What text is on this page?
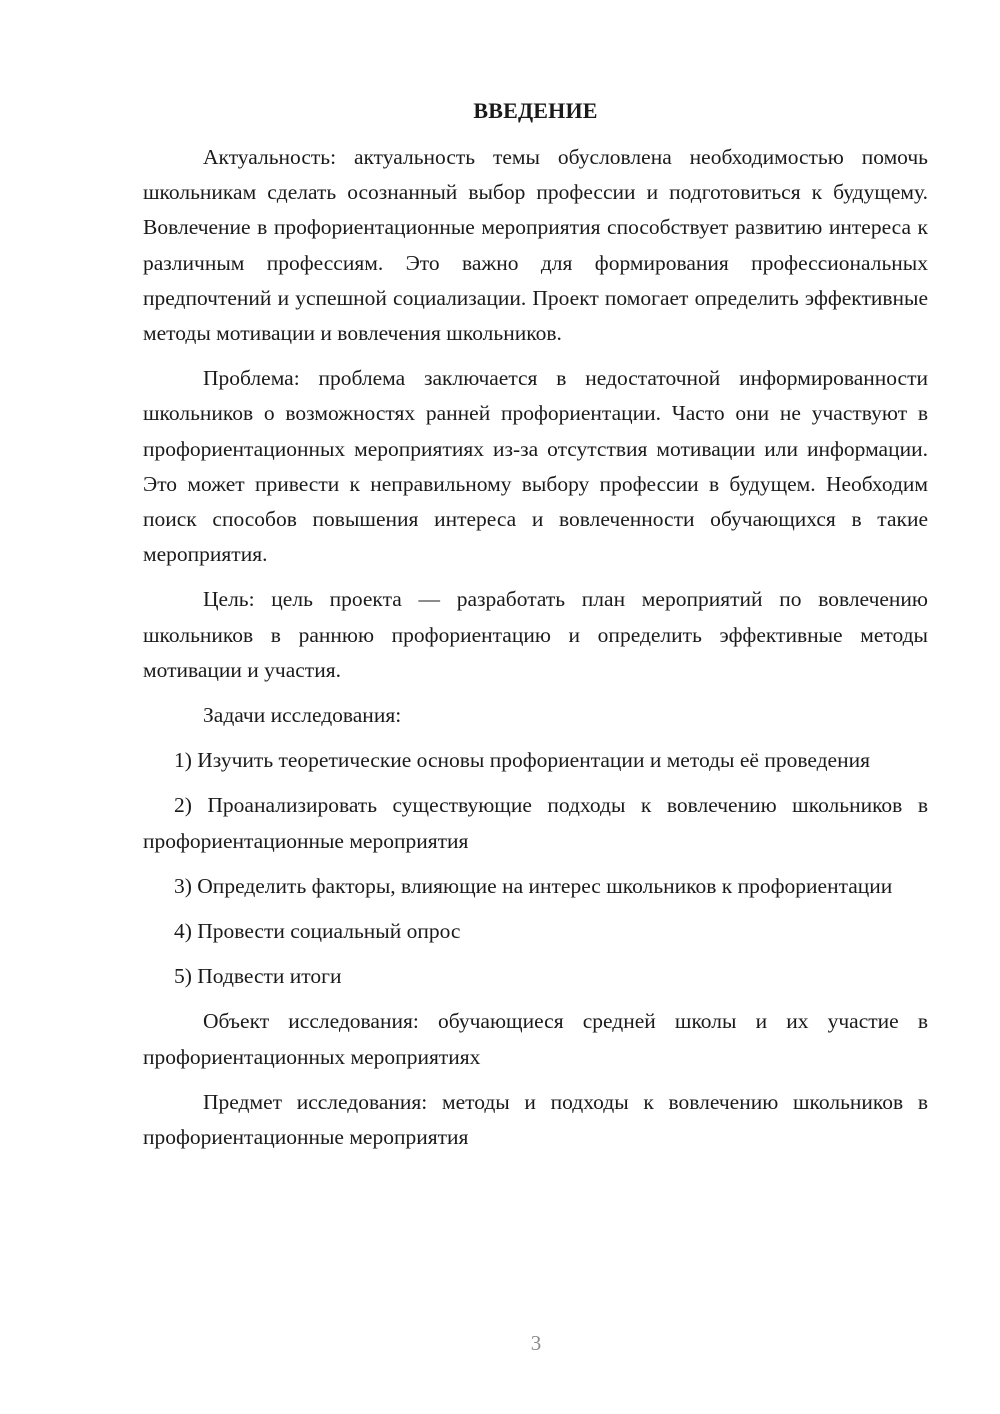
ВВЕДЕНИЕ

Актуальность: актуальность темы обусловлена необходимостью помочь школьникам сделать осознанный выбор профессии и подготовиться к будущему. Вовлечение в профориентационные мероприятия способствует развитию интереса к различным профессиям. Это важно для формирования профессиональных предпочтений и успешной социализации. Проект помогает определить эффективные методы мотивации и вовлечения школьников.

Проблема: проблема заключается в недостаточной информированности школьников о возможностях ранней профориентации. Часто они не участвуют в профориентационных мероприятиях из-за отсутствия мотивации или информации. Это может привести к неправильному выбору профессии в будущем. Необходим поиск способов повышения интереса и вовлеченности обучающихся в такие мероприятия.

Цель: цель проекта — разработать план мероприятий по вовлечению школьников в раннюю профориентацию и определить эффективные методы мотивации и участия.

Задачи исследования:

1) Изучить теоретические основы профориентации и методы её проведения

2) Проанализировать существующие подходы к вовлечению школьников в профориентационные мероприятия

3) Определить факторы, влияющие на интерес школьников к профориентации

4) Провести социальный опрос

5) Подвести итоги

Объект исследования: обучающиеся средней школы и их участие в профориентационных мероприятиях

Предмет исследования: методы и подходы к вовлечению школьников в профориентационные мероприятия

3
